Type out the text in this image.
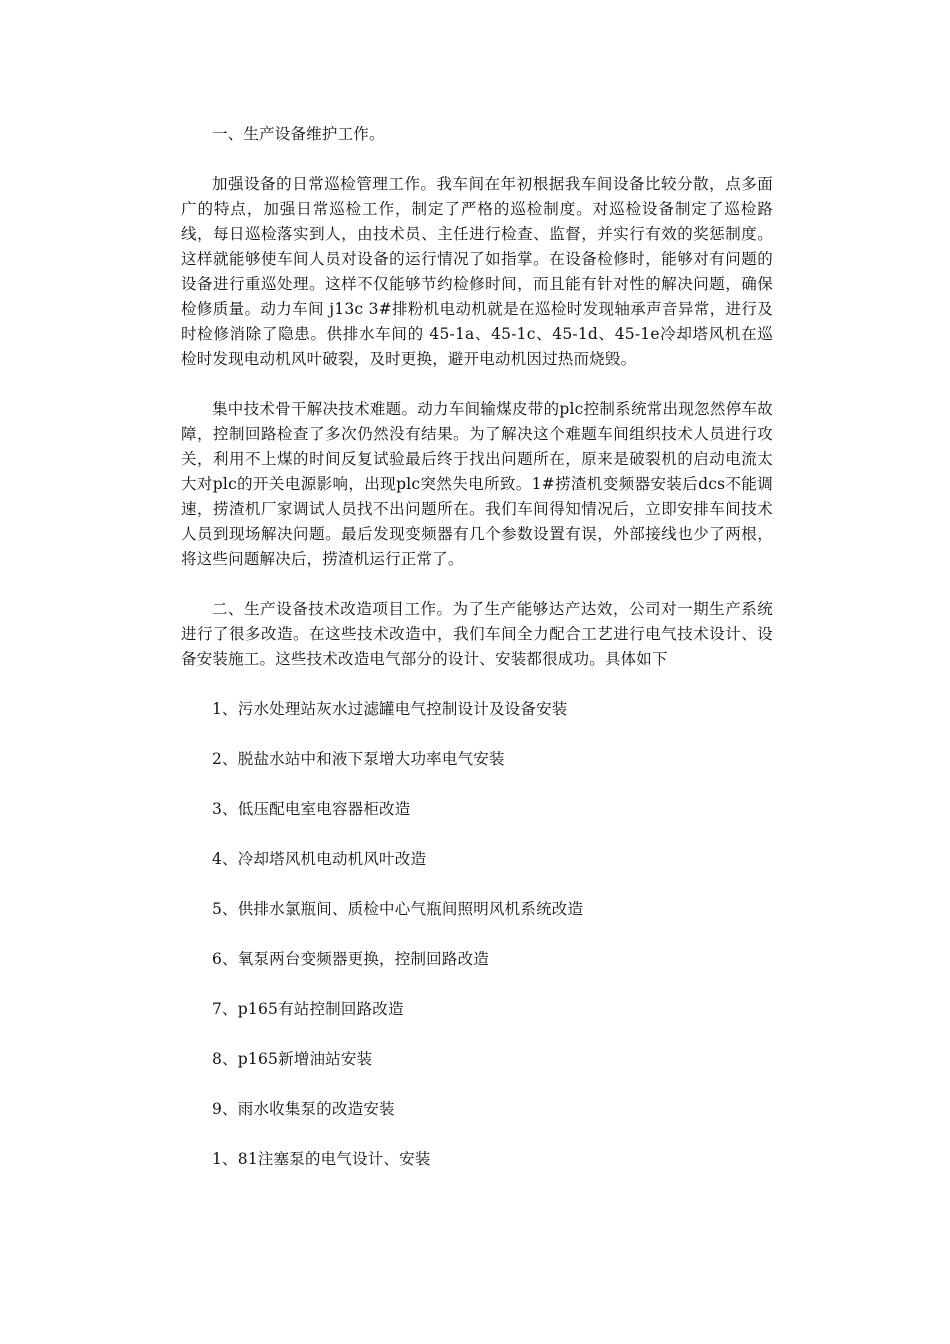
一、生产设备维护工作。

加强设备的日常巡检管理工作。我车间在年初根据我车间设备比较分散，点多面广的特点，加强日常巡检工作，制定了严格的巡检制度。对巡检设备制定了巡检路线，每日巡检落实到人，由技术员、主任进行检查、监督，并实行有效的奖惩制度。这样就能够使车间人员对设备的运行情况了如指掌。在设备检修时，能够对有问题的设备进行重巡处理。这样不仅能够节约检修时间，而且能有针对性的解决问题，确保检修质量。动力车间 j13c 3#排粉机电动机就是在巡检时发现轴承声音异常，进行及时检修消除了隐患。供排水车间的 45-1a、45-1c、45-1d、45-1e冷却塔风机在巡检时发现电动机风叶破裂，及时更换，避开电动机因过热而烧毁。

集中技术骨干解决技术难题。动力车间输煤皮带的plc控制系统常出现忽然停车故障，控制回路检查了多次仍然没有结果。为了解决这个难题车间组织技术人员进行攻关，利用不上煤的时间反复试验最后终于找出问题所在，原来是破裂机的启动电流太大对plc的开关电源影响，出现plc突然失电所致。1#捞渣机变频器安装后dcs不能调速，捞渣机厂家调试人员找不出问题所在。我们车间得知情况后，立即安排车间技术人员到现场解决问题。最后发现变频器有几个参数设置有误，外部接线也少了两根，将这些问题解决后，捞渣机运行正常了。

二、生产设备技术改造项目工作。为了生产能够达产达效，公司对一期生产系统进行了很多改造。在这些技术改造中，我们车间全力配合工艺进行电气技术设计、设备安装施工。这些技术改造电气部分的设计、安装都很成功。具体如下

1、污水处理站灰水过滤罐电气控制设计及设备安装
2、脱盐水站中和液下泵增大功率电气安装
3、低压配电室电容器柜改造
4、冷却塔风机电动机风叶改造
5、供排水氯瓶间、质检中心气瓶间照明风机系统改造
6、氧泵两台变频器更换，控制回路改造
7、p165有站控制回路改造
8、p165新增油站安装
9、雨水收集泵的改造安装
1、81注塞泵的电气设计、安装
